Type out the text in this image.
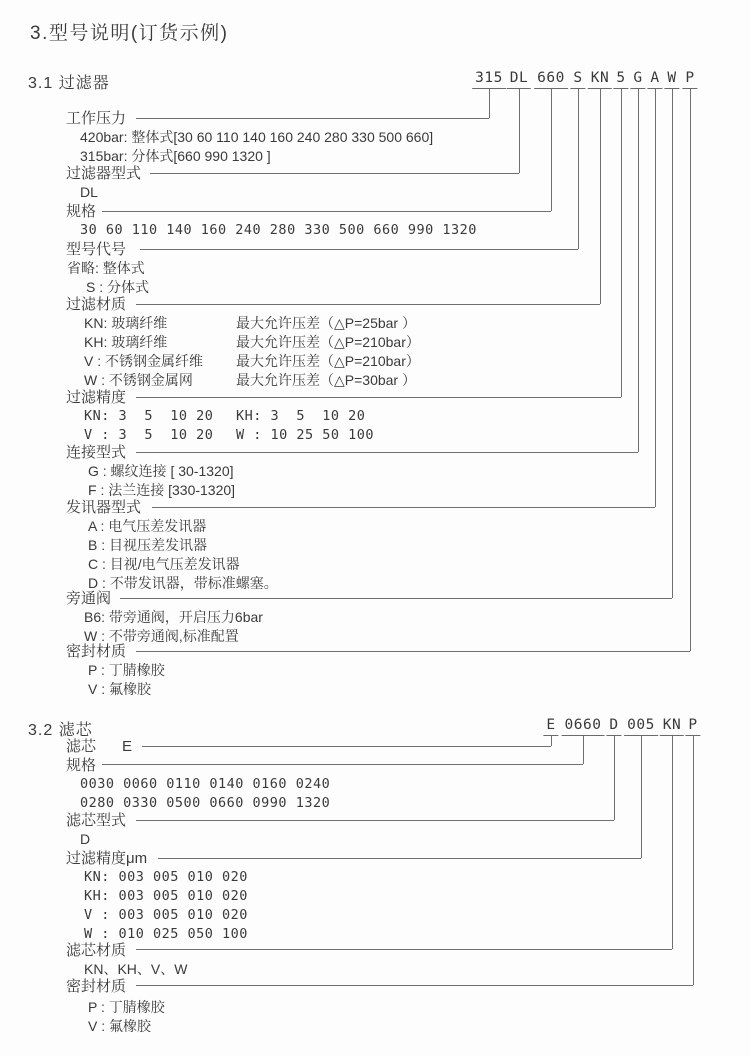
3.型号说明(订货示例)
3.1 过滤器	315 DL 660 S KN 5 G A W P
工作压力
420bar: 整体式[30 60 110 140 160 240 280 330 500 660]
315bar: 分体式[660 990 1320 ]
过滤器型式
DL
规格
30 60 110 140 160 240 280 330 500 660 990 1320
型号代号
省略: 整体式
S : 分体式
过滤材质
KN: 玻璃纤维	最大允许压差（△P=25bar ）
KH: 玻璃纤维	最大允许压差（△P=210bar）
V : 不锈钢金属纤维 最大允许压差（△P=210bar）
W : 不锈钢金属网	最大允许压差（△P=30bar ）
过滤精度
KN: 3  5  10 20 KH: 3  5  10 20
V : 3  5  10 20 W : 10 25 50 100
连接型式
G : 螺纹连接 [ 30-1320]
F : 法兰连接 [330-1320]
发讯器型式
A : 电气压差发讯器
B : 目视压差发讯器
C : 目视/电气压差发讯器
D : 不带发讯器，带标准螺塞。
旁通阀
B6: 带旁通阀，开启压力6bar
W : 不带旁通阀,标准配置
密封材质
P : 丁腈橡胶
V : 氟橡胶
3.2 滤芯	E 0660 D 005 KN P
滤芯 E
规格
0030 0060 0110 0140 0160 0240
0280 0330 0500 0660 0990 1320
滤芯型式
D
过滤精度μm
KN: 003 005 010 020
KH: 003 005 010 020
V : 003 005 010 020
W : 010 025 050 100
滤芯材质
KN、KH、V、W
密封材质
P : 丁腈橡胶
V : 氟橡胶
